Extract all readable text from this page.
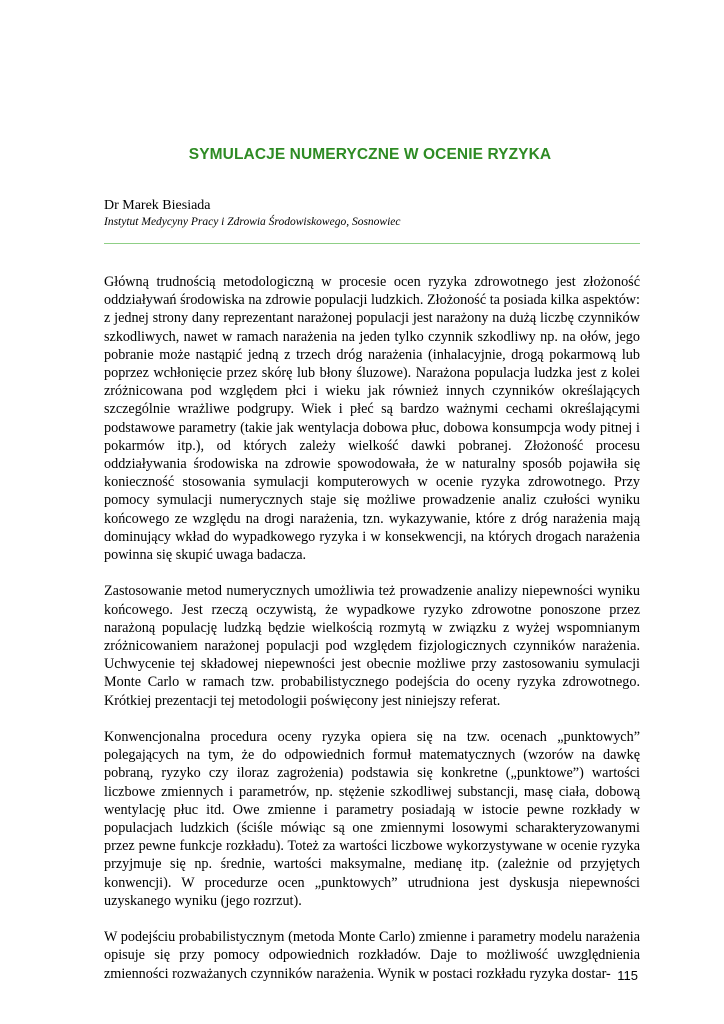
SYMULACJE NUMERYCZNE W OCENIE RYZYKA
Dr Marek Biesiada
Instytut Medycyny Pracy i Zdrowia Środowiskowego, Sosnowiec

Główną trudnością metodologiczną w procesie ocen ryzyka zdrowotnego jest złożoność oddziaływań środowiska na zdrowie populacji ludzkich. Złożoność ta posiada kilka aspektów: z jednej strony dany reprezentant narażonej populacji jest narażony na dużą liczbę czynników szkodliwych, nawet w ramach narażenia na jeden tylko czynnik szkodliwy np. na ołów, jego pobranie może nastąpić jedną z trzech dróg narażenia (inhalacyjnie, drogą pokarmową lub poprzez wchłonięcie przez skórę lub błony śluzowe). Narażona populacja ludzka jest z kolei zróżnicowana pod względem płci i wieku jak również innych czynników określających szczególnie wrażliwe podgrupy. Wiek i płeć są bardzo ważnymi cechami określającymi podstawowe parametry (takie jak wentylacja dobowa płuc, dobowa konsumpcja wody pitnej i pokarmów itp.), od których zależy wielkość dawki pobranej. Złożoność procesu oddziaływania środowiska na zdrowie spowodowała, że w naturalny sposób pojawiła się konieczność stosowania symulacji komputerowych w ocenie ryzyka zdrowotnego. Przy pomocy symulacji numerycznych staje się możliwe prowadzenie analiz czułości wyniku końcowego ze względu na drogi narażenia, tzn. wykazywanie, które z dróg narażenia mają dominujący wkład do wypadkowego ryzyka i w konsekwencji, na których drogach narażenia powinna się skupić uwaga badacza.

Zastosowanie metod numerycznych umożliwia też prowadzenie analizy niepewności wyniku końcowego. Jest rzeczą oczywistą, że wypadkowe ryzyko zdrowotne ponoszone przez narażoną populację ludzką będzie wielkością rozmytą w związku z wyżej wspomnianym zróżnicowaniem narażonej populacji pod względem fizjologicznych czynników narażenia. Uchwycenie tej składowej niepewności jest obecnie możliwe przy zastosowaniu symulacji Monte Carlo w ramach tzw. probabilistycznego podejścia do oceny ryzyka zdrowotnego. Krótkiej prezentacji tej metodologii poświęcony jest niniejszy referat.

Konwencjonalna procedura oceny ryzyka opiera się na tzw. ocenach „punktowych” polegających na tym, że do odpowiednich formuł matematycznych (wzorów na dawkę pobraną, ryzyko czy iloraz zagrożenia) podstawia się konkretne („punktowe”) wartości liczbowe zmiennych i parametrów, np. stężenie szkodliwej substancji, masę ciała, dobową wentylację płuc itd. Owe zmienne i parametry posiadają w istocie pewne rozkłady w populacjach ludzkich (ściśle mówiąc są one zmiennymi losowymi scharakteryzowanymi przez pewne funkcje rozkładu). Toteż za wartości liczbowe wykorzystywane w ocenie ryzyka przyjmuje się np. średnie, wartości maksymalne, medianę itp. (zależnie od przyjętych konwencji). W procedurze ocen „punktowych” utrudniona jest dyskusja niepewności uzyskanego wyniku (jego rozrzut).

W podejściu probabilistycznym (metoda Monte Carlo) zmienne i parametry modelu narażenia opisuje się przy pomocy odpowiednich rozkładów. Daje to możliwość uwzględnienia zmienności rozważanych czynników narażenia. Wynik w postaci rozkładu ryzyka dostar- 115
